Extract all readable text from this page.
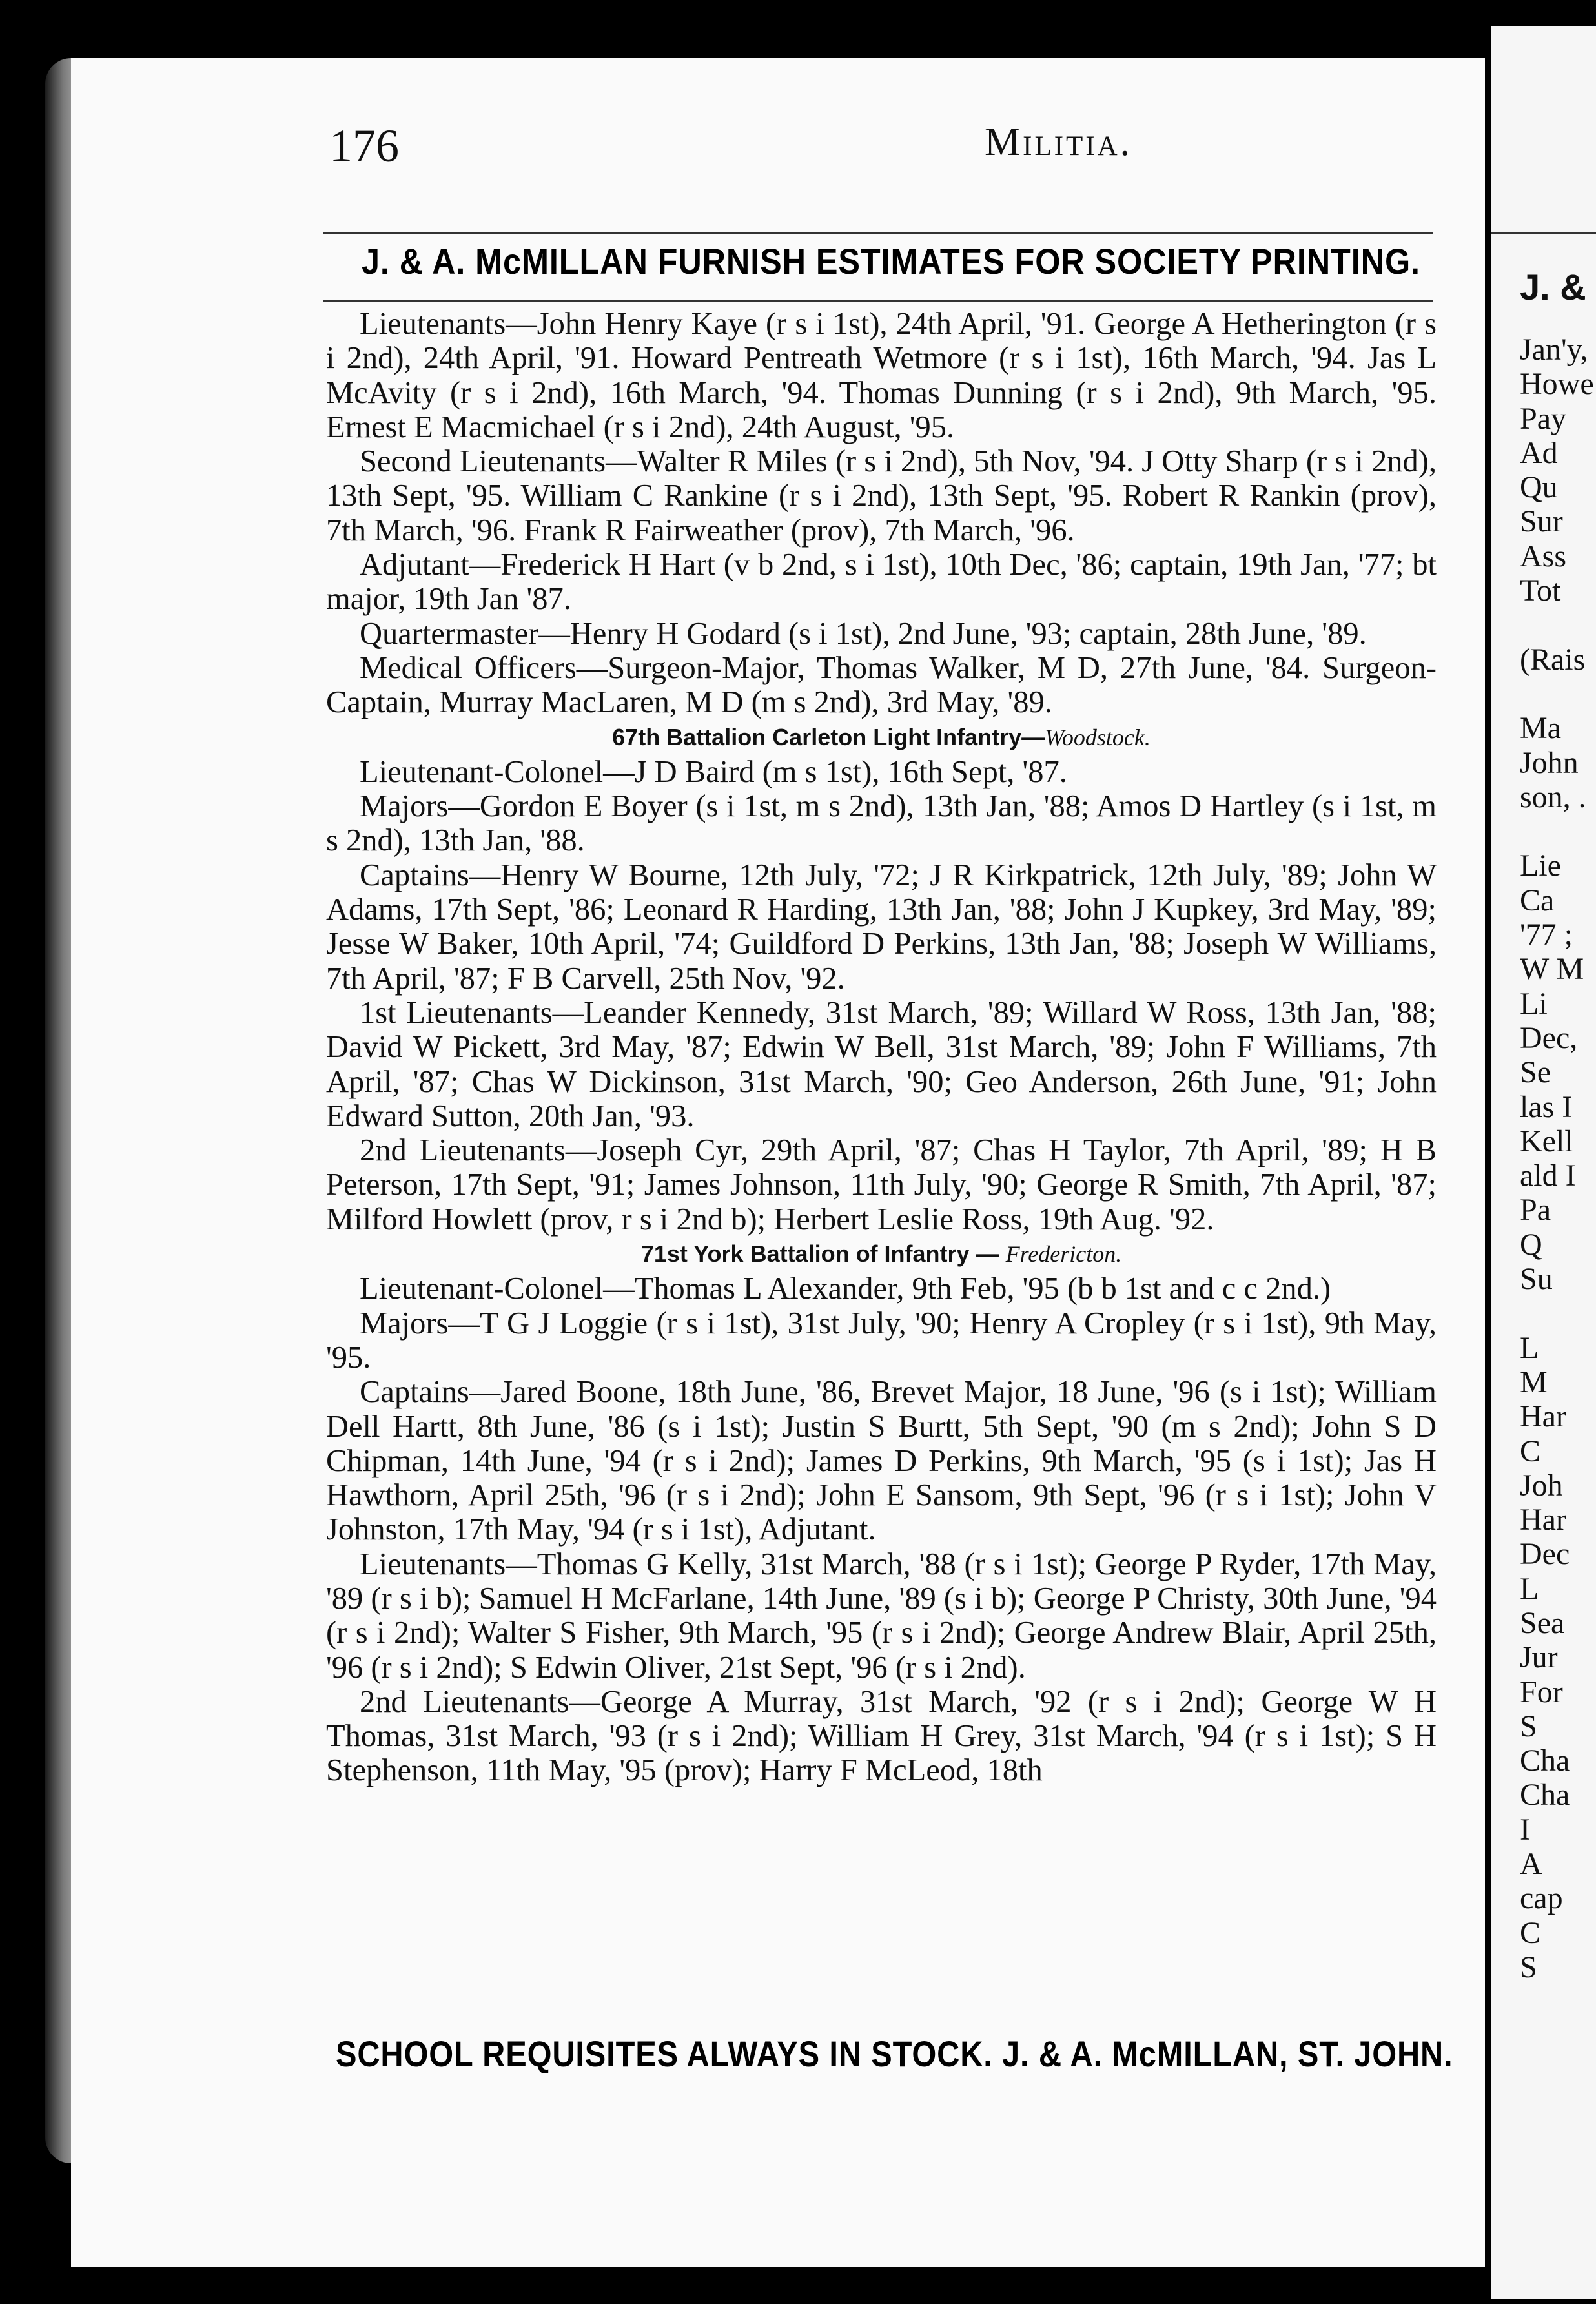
176	Militia.
J. & A. McMILLAN FURNISH ESTIMATES FOR SOCIETY PRINTING.

Lieutenants—John Henry Kaye (r s i 1st), 24th April, '91. George A Hetherington (r s i 2nd), 24th April, '91. Howard Pentreath Wetmore (r s i 1st), 16th March, '94. Jas L McAvity (r s i 2nd), 16th March, '94. Thomas Dunning (r s i 2nd), 9th March, '95. Ernest E Macmichael (r s i 2nd), 24th August, '95.

Second Lieutenants—Walter R Miles (r s i 2nd), 5th Nov, '94. J Otty Sharp (r s i 2nd), 13th Sept, '95. William C Rankine (r s i 2nd), 13th Sept, '95. Robert R Rankin (prov), 7th March, '96. Frank R Fairweather (prov), 7th March, '96.

Adjutant—Frederick H Hart (v b 2nd, s i 1st), 10th Dec, '86; captain, 19th Jan, '77; bt major, 19th Jan '87.

Quartermaster—Henry H Godard (s i 1st), 2nd June, '93; captain, 28th June, '89.

Medical Officers—Surgeon-Major, Thomas Walker, M D, 27th June, '84. Surgeon-Captain, Murray MacLaren, M D (m s 2nd), 3rd May, '89.

67th Battalion Carleton Light Infantry—Woodstock.

Lieutenant-Colonel—J D Baird (m s 1st), 16th Sept, '87.

Majors—Gordon E Boyer (s i 1st, m s 2nd), 13th Jan, '88; Amos D Hartley (s i 1st, m s 2nd), 13th Jan, '88.

Captains—Henry W Bourne, 12th July, '72; J R Kirkpatrick, 12th July, '89; John W Adams, 17th Sept, '86; Leonard R Harding, 13th Jan, '88; John J Kupkey, 3rd May, '89; Jesse W Baker, 10th April, '74; Guildford D Perkins, 13th Jan, '88; Joseph W Williams, 7th April, '87; F B Carvell, 25th Nov, '92.

1st Lieutenants—Leander Kennedy, 31st March, '89; Willard W Ross, 13th Jan, '88; David W Pickett, 3rd May, '87; Edwin W Bell, 31st March, '89; John F Williams, 7th April, '87; Chas W Dickinson, 31st March, '90; Geo Anderson, 26th June, '91; John Edward Sutton, 20th Jan, '93.

2nd Lieutenants—Joseph Cyr, 29th April, '87; Chas H Taylor, 7th April, '89; H B Peterson, 17th Sept, '91; James Johnson, 11th July, '90; George R Smith, 7th April, '87; Milford Howlett (prov, r s i 2nd b); Herbert Leslie Ross, 19th Aug. '92.

71st York Battalion of Infantry — Fredericton.

Lieutenant-Colonel—Thomas L Alexander, 9th Feb, '95 (b b 1st and c c 2nd.)

Majors—T G J Loggie (r s i 1st), 31st July, '90; Henry A Cropley (r s i 1st), 9th May, '95.

Captains—Jared Boone, 18th June, '86, Brevet Major, 18 June, '96 (s i 1st); William Dell Hartt, 8th June, '86 (s i 1st); Justin S Burtt, 5th Sept, '90 (m s 2nd); John S D Chipman, 14th June, '94 (r s i 2nd); James D Perkins, 9th March, '95 (s i 1st); Jas H Hawthorn, April 25th, '96 (r s i 2nd); John E Sansom, 9th Sept, '96 (r s i 1st); John V Johnston, 17th May, '94 (r s i 1st), Adjutant.

Lieutenants—Thomas G Kelly, 31st March, '88 (r s i 1st); George P Ryder, 17th May, '89 (r s i b); Samuel H McFarlane, 14th June, '89 (s i b); George P Christy, 30th June, '94 (r s i 2nd); Walter S Fisher, 9th March, '95 (r s i 2nd); George Andrew Blair, April 25th, '96 (r s i 2nd); S Edwin Oliver, 21st Sept, '96 (r s i 2nd).

2nd Lieutenants—George A Murray, 31st March, '92 (r s i 2nd); George W H Thomas, 31st March, '93 (r s i 2nd); William H Grey, 31st March, '94 (r s i 1st); S H Stephenson, 11th May, '95 (prov); Harry F McLeod, 18th

SCHOOL REQUISITES ALWAYS IN STOCK. J. & A. McMILLAN, ST. JOHN.
J. &
Jan'y,
Howe
Pay
Ad
Qu
Sur
Ass
Tot

(Rais

Ma
John
son, .

Lie
Ca
'77 ;
W M
Li
Dec,
Se
las I
Kell
ald I
Pa
Q
Su

L
M
Har
C
Joh
Har
Dec
L
Sea
Jur
For
S
Cha
Cha
I
A
cap
C
S
